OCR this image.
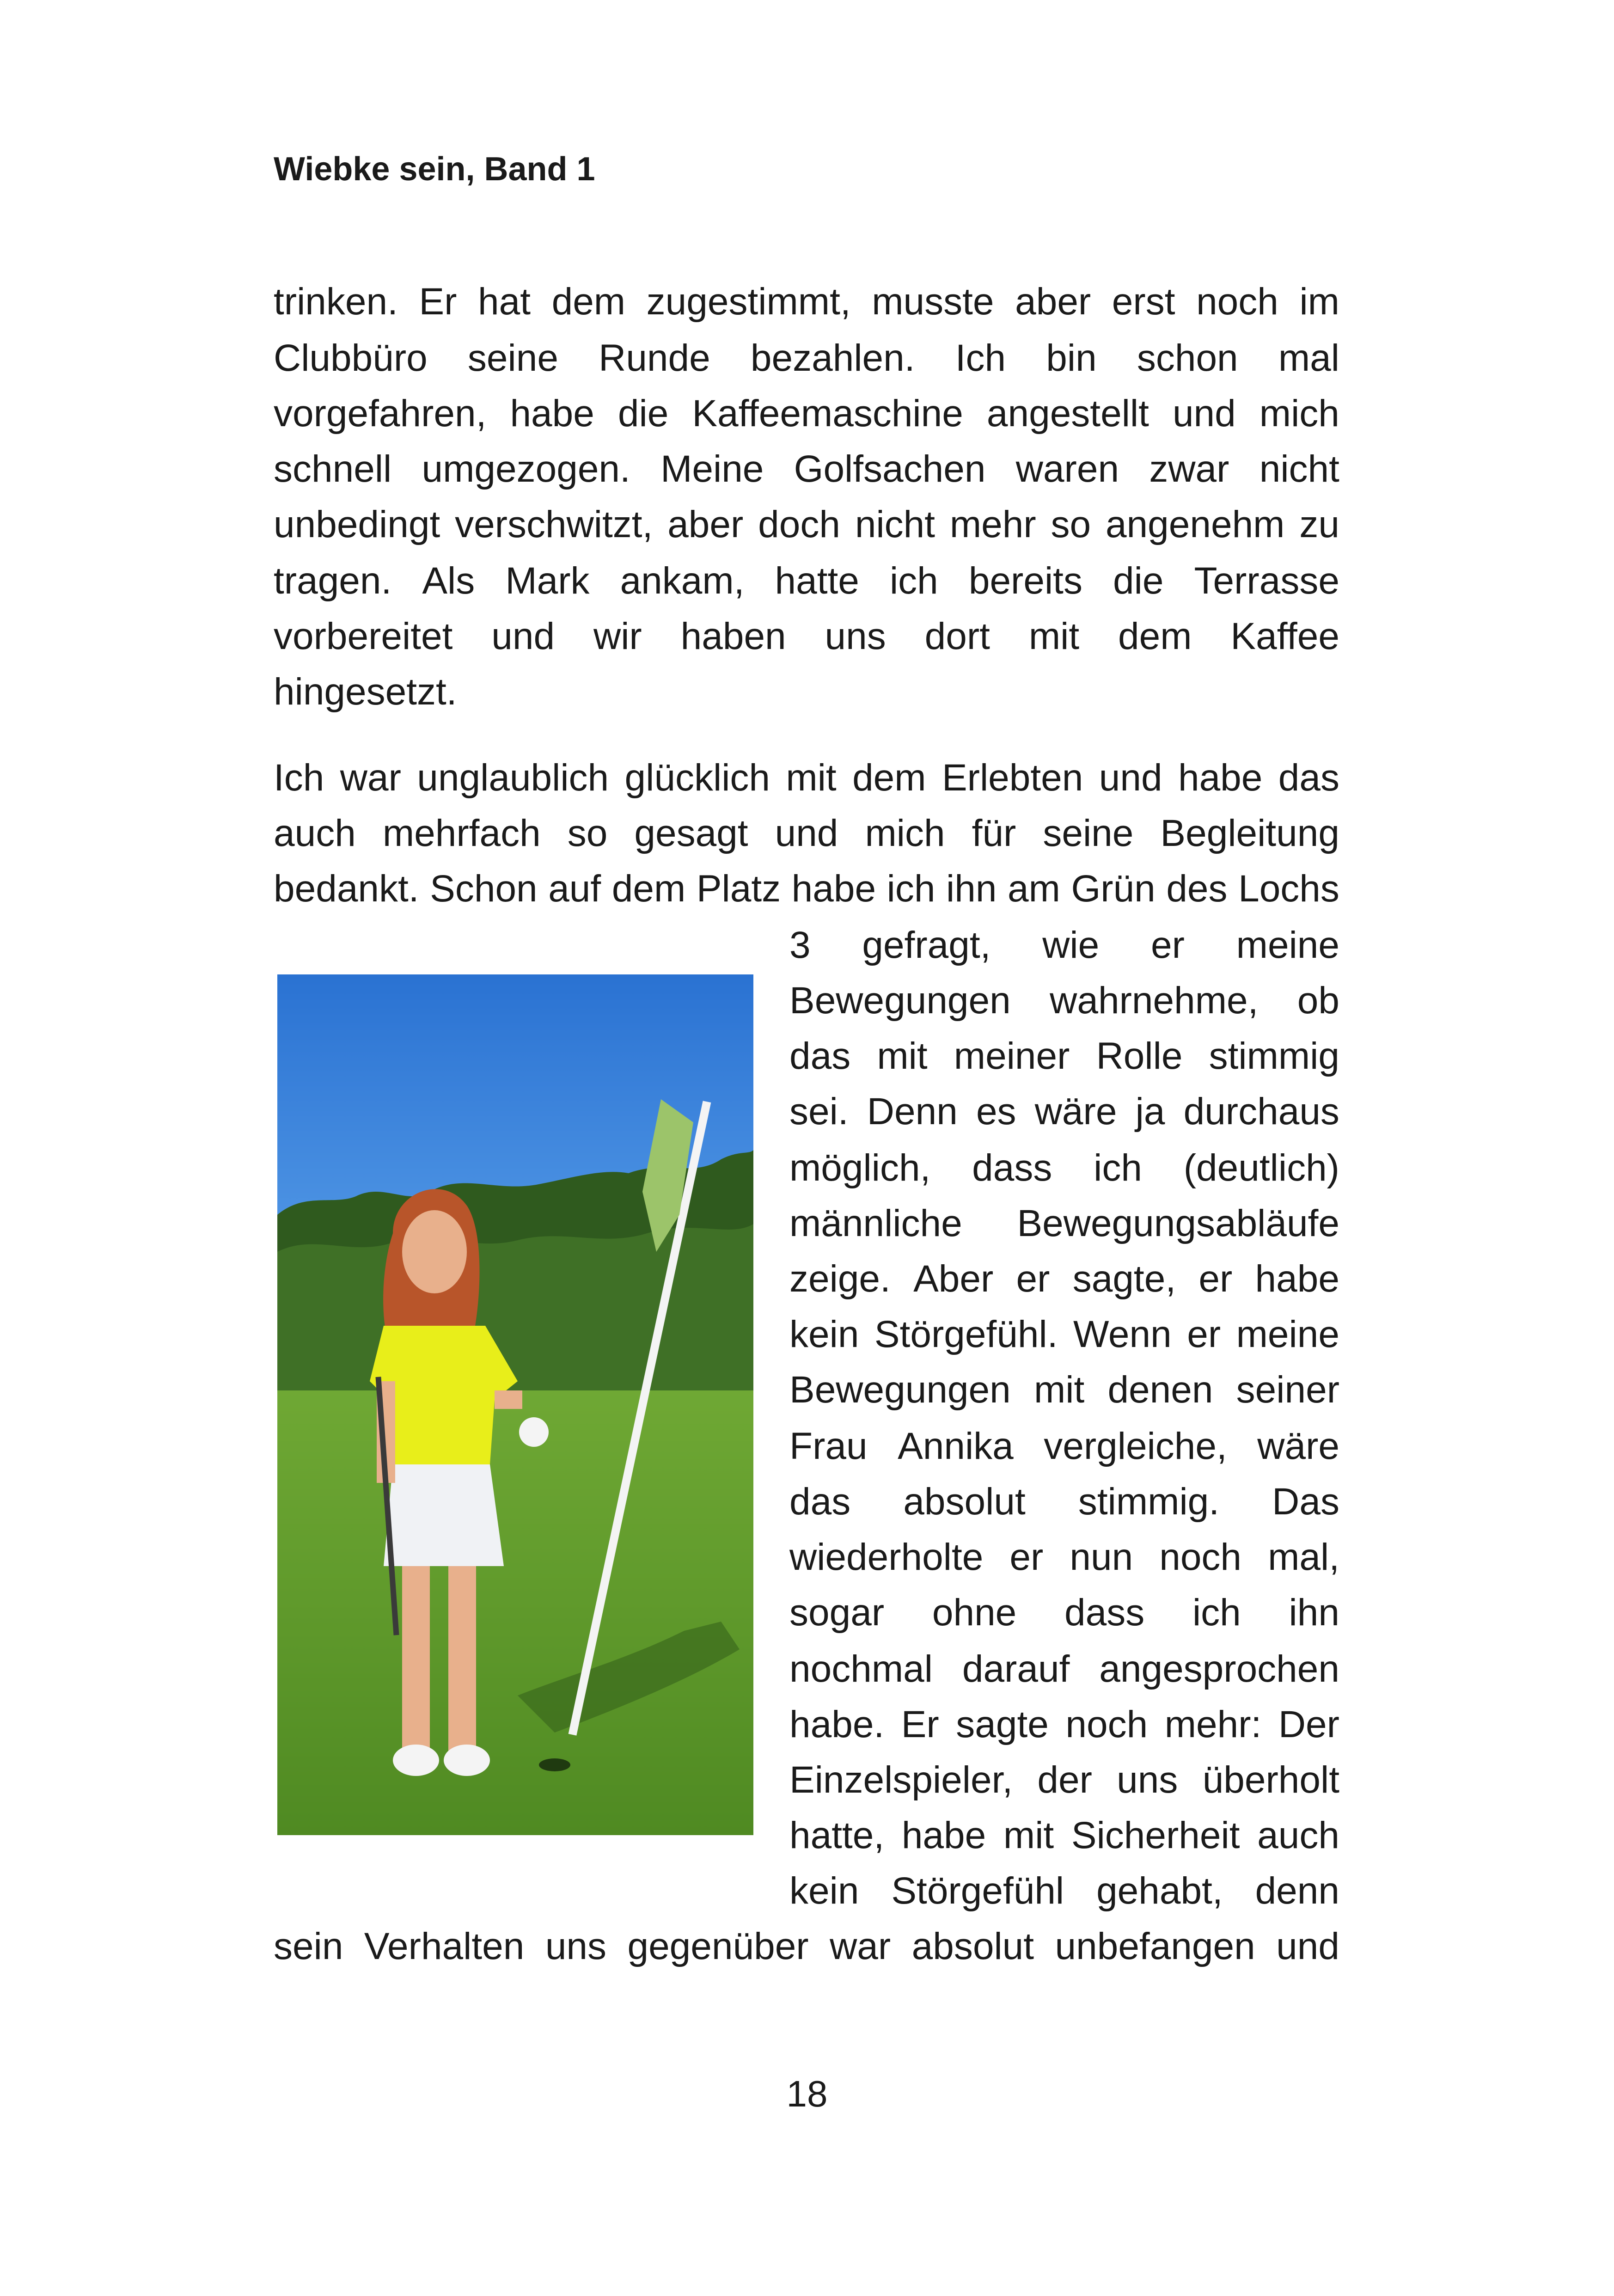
Wiebke sein, Band 1
trinken. Er hat dem zugestimmt, musste aber erst noch im
Clubbüro seine Runde bezahlen. Ich bin schon mal
vorgefahren, habe die Kaffeemaschine angestellt und mich
schnell umgezogen. Meine Golfsachen waren zwar nicht
unbedingt verschwitzt, aber doch nicht mehr so angenehm zu
tragen. Als Mark ankam, hatte ich bereits die Terrasse
vorbereitet und wir haben uns dort mit dem Kaffee
hingesetzt.
Ich war unglaublich glücklich mit dem Erlebten und habe das
auch mehrfach so gesagt und mich für seine Begleitung
bedankt. Schon auf dem Platz habe ich ihn am Grün des Lochs
3 gefragt, wie er meine
Bewegungen wahrnehme, ob
das mit meiner Rolle stimmig
sei. Denn es wäre ja durchaus
möglich, dass ich (deutlich)
männliche Bewegungsabläufe
zeige. Aber er sagte, er habe
kein Störgefühl. Wenn er meine
Bewegungen mit denen seiner
Frau Annika vergleiche, wäre
das absolut stimmig. Das
wiederholte er nun noch mal,
sogar ohne dass ich ihn
nochmal darauf angesprochen
habe. Er sagte noch mehr: Der
Einzelspieler, der uns überholt
hatte, habe mit Sicherheit auch
kein Störgefühl gehabt, denn
sein Verhalten uns gegenüber war absolut unbefangen und
18
